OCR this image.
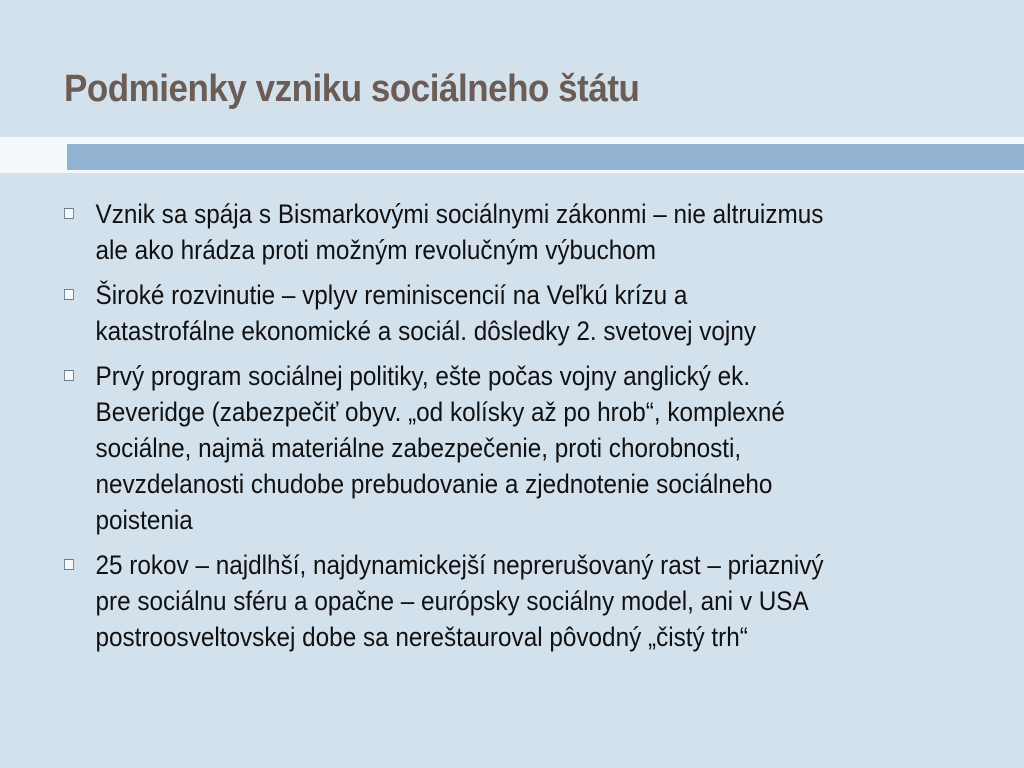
Podmienky vzniku sociálneho štátu
Vznik sa spája s Bismarkovými sociálnymi zákonmi – nie altruizmus
ale ako hrádza proti možným revolučným výbuchom
Široké rozvinutie – vplyv reminiscencií na Veľkú krízu a
katastrofálne ekonomické a sociál. dôsledky 2. svetovej vojny
Prvý program sociálnej politiky, ešte počas vojny anglický ek.
Beveridge (zabezpečiť obyv. „od kolísky až po hrob“, komplexné
sociálne, najmä materiálne zabezpečenie, proti chorobnosti,
nevzdelanosti chudobe prebudovanie a zjednotenie sociálneho
poistenia
25 rokov – najdlhší, najdynamickejší neprerušovaný rast – priaznivý
pre sociálnu sféru a opačne – európsky sociálny model, ani v USA
postroosveltovskej dobe sa nereštauroval pôvodný „čistý trh“
